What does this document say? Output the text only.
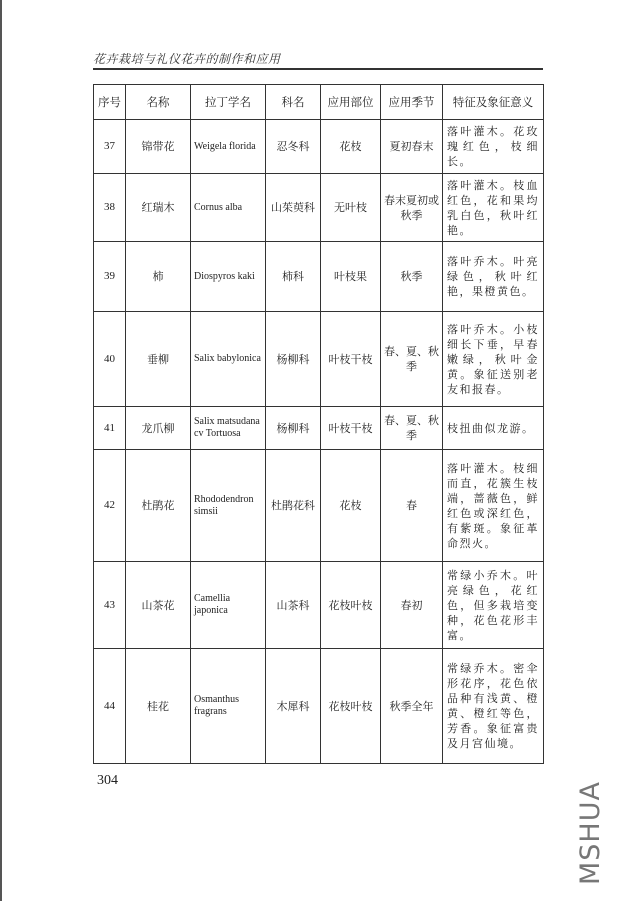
花卉栽培与礼仪花卉的制作和应用
序号	名称	拉丁学名	科名	应用部位	应用季节	特征及象征意义
37	锦带花	Weigela florida	忍冬科	花枝	夏初春末	落叶灌木。花玫瑰红色，枝细长。
38	红瑞木	Cornus alba	山茱萸科	无叶枝	春末夏初或秋季	落叶灌木。枝血红色，花和果均乳白色，秋叶红艳。
39	柿	Diospyros kaki	柿科	叶枝果	秋季	落叶乔木。叶亮绿色，秋叶红艳，果橙黄色。
40	垂柳	Salix babylonica	杨柳科	叶枝干枝	春、夏、秋季	落叶乔木。小枝细长下垂，早春嫩绿，秋叶金黄。象征送别老友和报春。
41	龙爪柳	Salix matsudana cv Tortuosa	杨柳科	叶枝干枝	春、夏、秋季	枝扭曲似龙游。
42	杜鹃花	Rhododendron simsii	杜鹃花科	花枝	春	落叶灌木。枝细而直，花簇生枝端，蔷薇色，鲜红色或深红色，有紫斑。象征革命烈火。
43	山茶花	Camellia japonica	山茶科	花枝叶枝	春初	常绿小乔木。叶亮绿色，花红色，但多栽培变种，花色花形丰富。
44	桂花	Osmanthus fragrans	木犀科	花枝叶枝	秋季全年	常绿乔木。密伞形花序，花色依品种有浅黄、橙黄、橙红等色，芳香。象征富贵及月宫仙境。
304
MSHUA
